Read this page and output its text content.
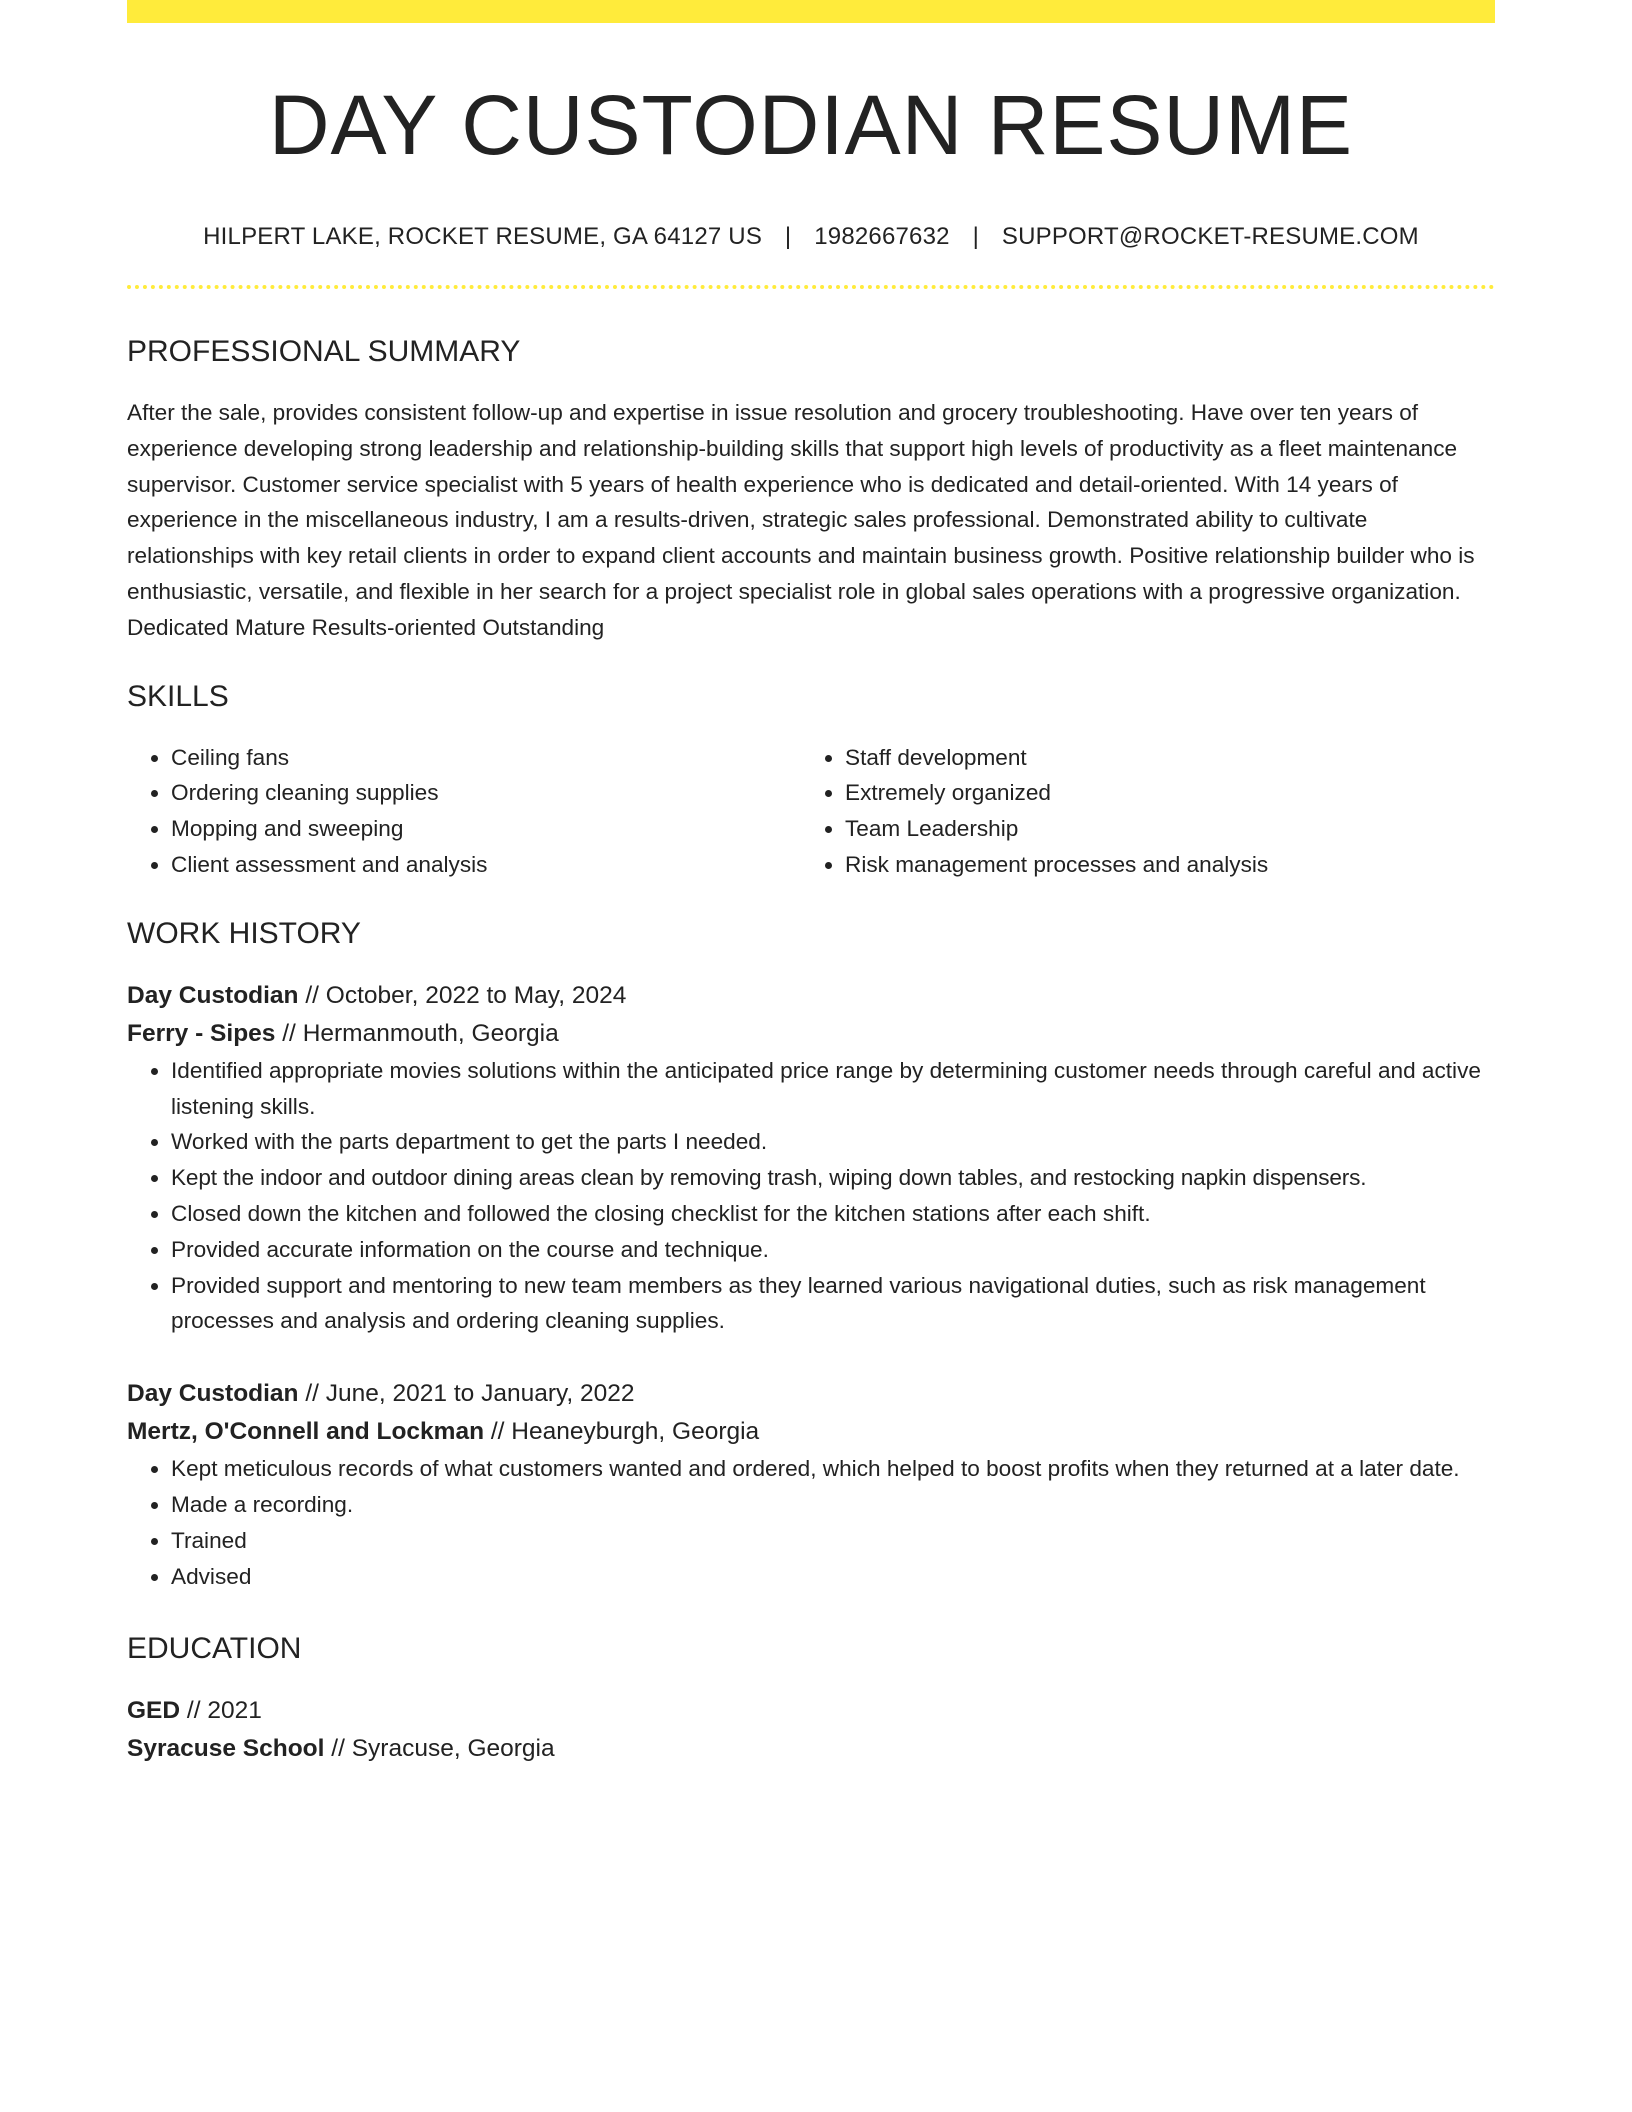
DAY CUSTODIAN RESUME
HILPERT LAKE, ROCKET RESUME, GA 64127 US | 1982667632 | SUPPORT@ROCKET-RESUME.COM
PROFESSIONAL SUMMARY

After the sale, provides consistent follow-up and expertise in issue resolution and grocery troubleshooting. Have over ten years of experience developing strong leadership and relationship-building skills that support high levels of productivity as a fleet maintenance supervisor. Customer service specialist with 5 years of health experience who is dedicated and detail-oriented. With 14 years of experience in the miscellaneous industry, I am a results-driven, strategic sales professional. Demonstrated ability to cultivate relationships with key retail clients in order to expand client accounts and maintain business growth. Positive relationship builder who is enthusiastic, versatile, and flexible in her search for a project specialist role in global sales operations with a progressive organization. Dedicated Mature Results-oriented Outstanding

SKILLS
• Ceiling fans
• Ordering cleaning supplies
• Mopping and sweeping
• Client assessment and analysis
• Staff development
• Extremely organized
• Team Leadership
• Risk management processes and analysis
WORK HISTORY
Day Custodian // October, 2022 to May, 2024
Ferry - Sipes // Hermanmouth, Georgia
• Identified appropriate movies solutions within the anticipated price range by determining customer needs through careful and active listening skills.
• Worked with the parts department to get the parts I needed.
• Kept the indoor and outdoor dining areas clean by removing trash, wiping down tables, and restocking napkin dispensers.
• Closed down the kitchen and followed the closing checklist for the kitchen stations after each shift.
• Provided accurate information on the course and technique.
• Provided support and mentoring to new team members as they learned various navigational duties, such as risk management processes and analysis and ordering cleaning supplies.
Day Custodian // June, 2021 to January, 2022
Mertz, O'Connell and Lockman // Heaneyburgh, Georgia
• Kept meticulous records of what customers wanted and ordered, which helped to boost profits when they returned at a later date.
• Made a recording.
• Trained
• Advised
EDUCATION
GED // 2021
Syracuse School // Syracuse, Georgia
